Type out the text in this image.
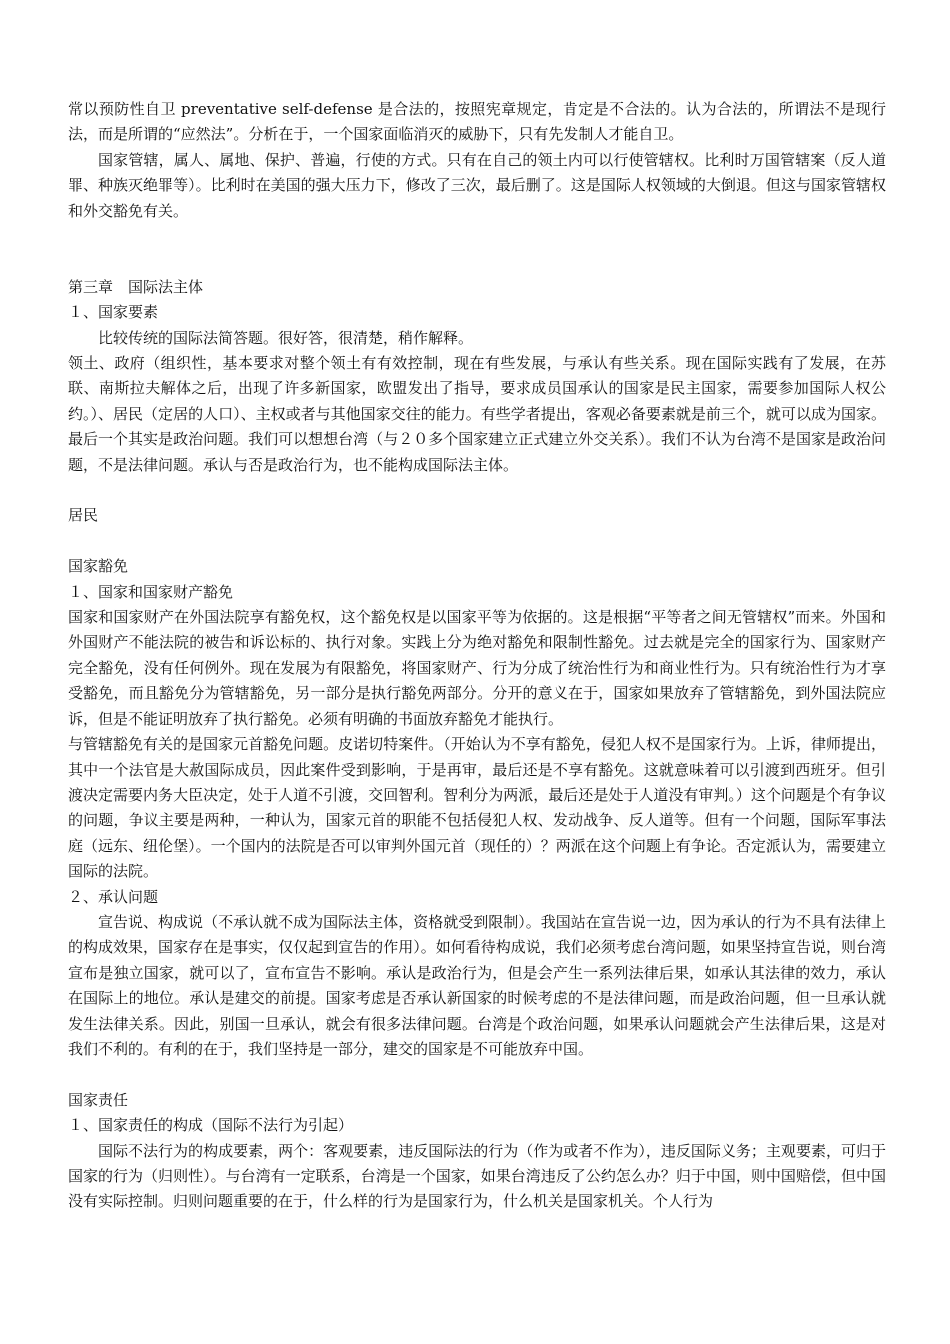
常以预防性自卫 preventative self-defense 是合法的，按照宪章规定，肯定是不合法的。认为合法的，所谓法不是现行法，而是所谓的“应然法”。分析在于，一个国家面临消灭的威胁下，只有先发制人才能自卫。

国家管辖，属人、属地、保护、普遍，行使的方式。只有在自己的领土内可以行使管辖权。比利时万国管辖案（反人道罪、种族灭绝罪等）。比利时在美国的强大压力下，修改了三次，最后删了。这是国际人权领域的大倒退。但这与国家管辖权和外交豁免有关。

第三章　国际法主体

１、国家要素

比较传统的国际法简答题。很好答，很清楚，稍作解释。

领土、政府（组织性，基本要求对整个领土有有效控制，现在有些发展，与承认有些关系。现在国际实践有了发展，在苏联、南斯拉夫解体之后，出现了许多新国家，欧盟发出了指导，要求成员国承认的国家是民主国家，需要参加国际人权公约。）、居民（定居的人口）、主权或者与其他国家交往的能力。有些学者提出，客观必备要素就是前三个，就可以成为国家。最后一个其实是政治问题。我们可以想想台湾（与２０多个国家建立正式建立外交关系）。我们不认为台湾不是国家是政治问题，不是法律问题。承认与否是政治行为，也不能构成国际法主体。

居民

国家豁免

１、国家和国家财产豁免

国家和国家财产在外国法院享有豁免权，这个豁免权是以国家平等为依据的。这是根据“平等者之间无管辖权”而来。外国和外国财产不能法院的被告和诉讼标的、执行对象。实践上分为绝对豁免和限制性豁免。过去就是完全的国家行为、国家财产完全豁免，没有任何例外。现在发展为有限豁免，将国家财产、行为分成了统治性行为和商业性行为。只有统治性行为才享受豁免，而且豁免分为管辖豁免，另一部分是执行豁免两部分。分开的意义在于，国家如果放弃了管辖豁免，到外国法院应诉，但是不能证明放弃了执行豁免。必须有明确的书面放弃豁免才能执行。

与管辖豁免有关的是国家元首豁免问题。皮诺切特案件。（开始认为不享有豁免，侵犯人权不是国家行为。上诉，律师提出，其中一个法官是大赦国际成员，因此案件受到影响，于是再审，最后还是不享有豁免。这就意味着可以引渡到西班牙。但引渡决定需要内务大臣决定，处于人道不引渡，交回智利。智利分为两派，最后还是处于人道没有审判。）这个问题是个有争议的问题，争议主要是两种，一种认为，国家元首的职能不包括侵犯人权、发动战争、反人道等。但有一个问题，国际军事法庭（远东、纽伦堡）。一个国内的法院是否可以审判外国元首（现任的）？两派在这个问题上有争论。否定派认为，需要建立国际的法院。

２、承认问题

宣告说、构成说（不承认就不成为国际法主体，资格就受到限制）。我国站在宣告说一边，因为承认的行为不具有法律上的构成效果，国家存在是事实，仅仅起到宣告的作用）。如何看待构成说，我们必须考虑台湾问题，如果坚持宣告说，则台湾宣布是独立国家，就可以了，宣布宣告不影响。承认是政治行为，但是会产生一系列法律后果，如承认其法律的效力，承认在国际上的地位。承认是建交的前提。国家考虑是否承认新国家的时候考虑的不是法律问题，而是政治问题，但一旦承认就发生法律关系。因此，别国一旦承认，就会有很多法律问题。台湾是个政治问题，如果承认问题就会产生法律后果，这是对我们不利的。有利的在于，我们坚持是一部分，建交的国家是不可能放弃中国。

国家责任

１、国家责任的构成（国际不法行为引起）

国际不法行为的构成要素，两个：客观要素，违反国际法的行为（作为或者不作为），违反国际义务；主观要素，可归于国家的行为（归则性）。与台湾有一定联系，台湾是一个国家，如果台湾违反了公约怎么办？归于中国，则中国赔偿，但中国没有实际控制。归则问题重要的在于，什么样的行为是国家行为，什么机关是国家机关。个人行为
